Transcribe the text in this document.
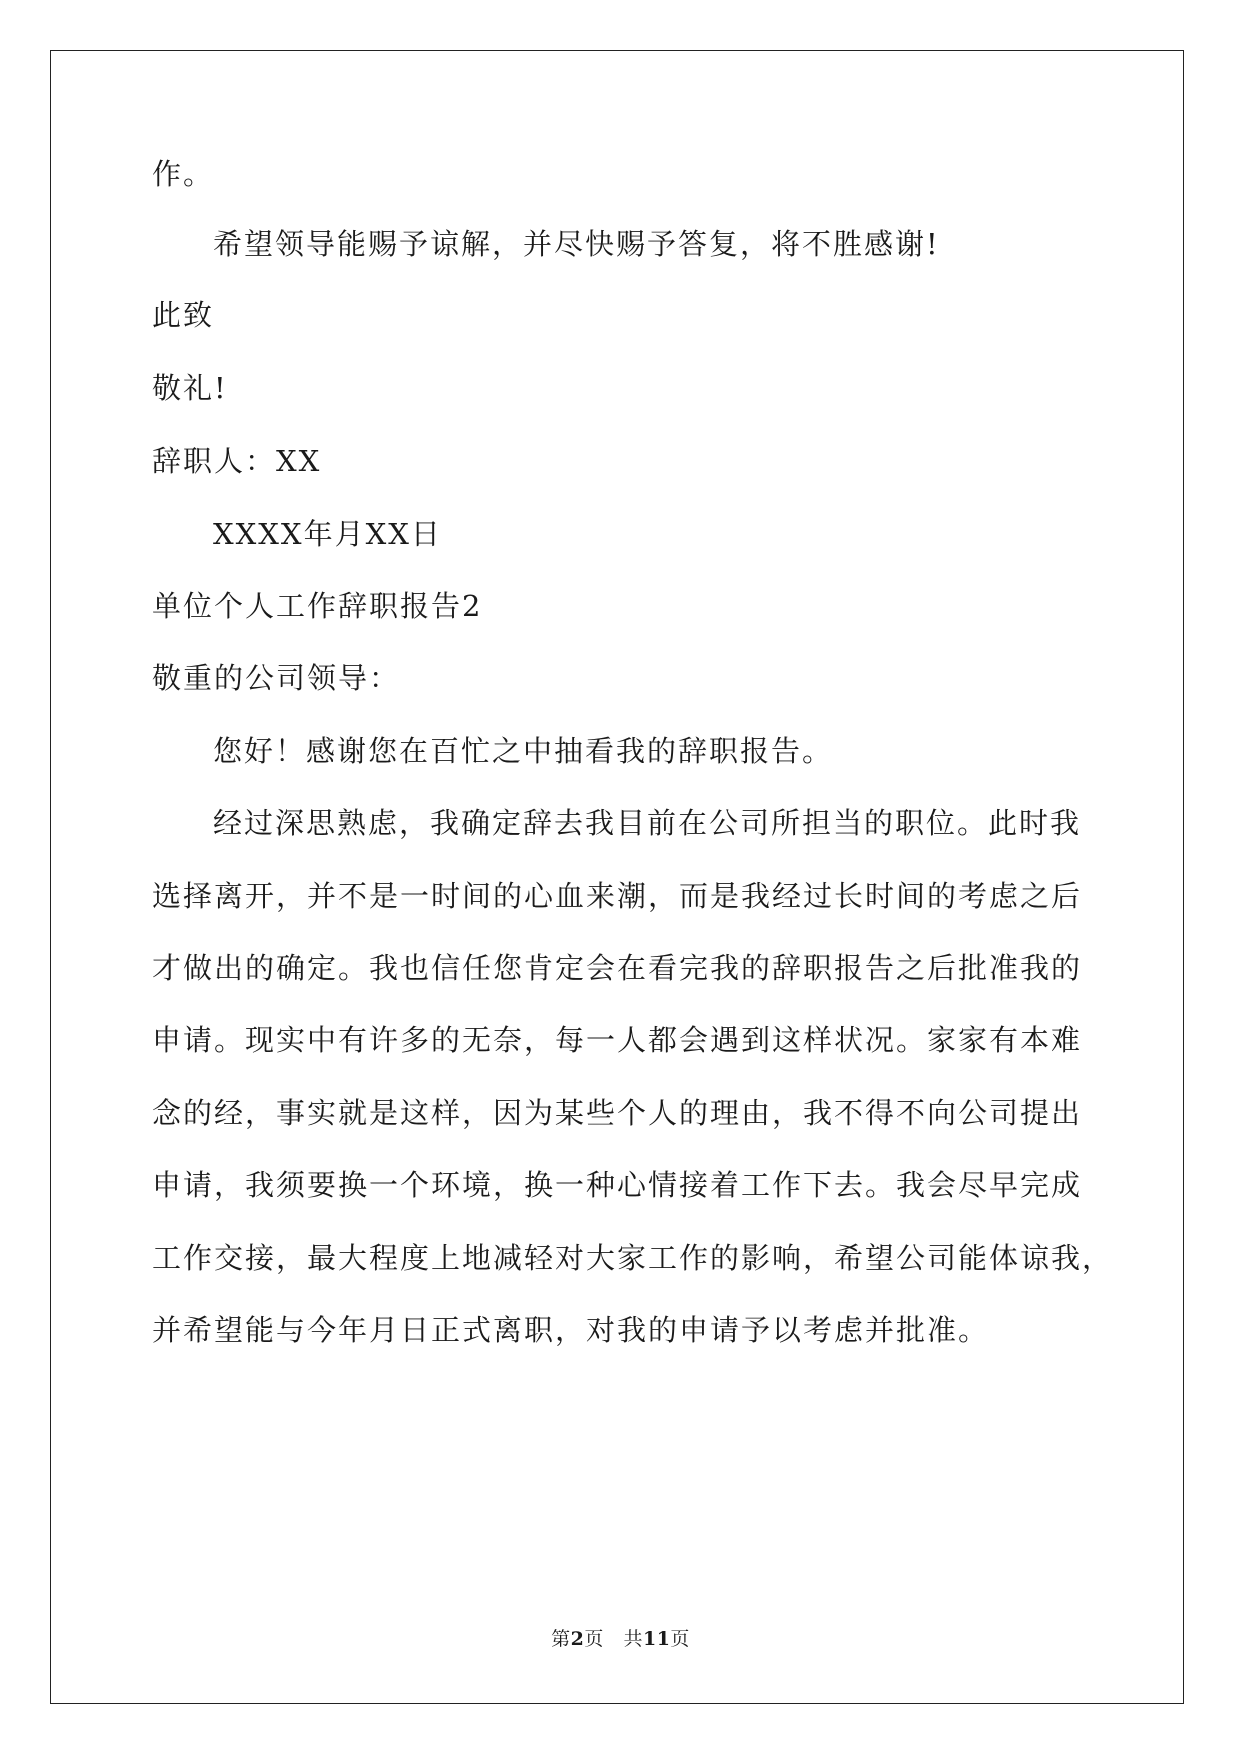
作。
希望领导能赐予谅解，并尽快赐予答复，将不胜感谢!
此致
敬礼!
辞职人：XX
XXXX年月XX日
单位个人工作辞职报告2
敬重的公司领导：
您好！感谢您在百忙之中抽看我的辞职报告。
经过深思熟虑，我确定辞去我目前在公司所担当的职位。此时我
选择离开，并不是一时间的心血来潮，而是我经过长时间的考虑之后
才做出的确定。我也信任您肯定会在看完我的辞职报告之后批准我的
申请。现实中有许多的无奈，每一人都会遇到这样状况。家家有本难
念的经，事实就是这样，因为某些个人的理由，我不得不向公司提出
申请，我须要换一个环境，换一种心情接着工作下去。我会尽早完成
工作交接，最大程度上地减轻对大家工作的影响，希望公司能体谅我，
并希望能与今年月日正式离职，对我的申请予以考虑并批准。
第2页 共11页
